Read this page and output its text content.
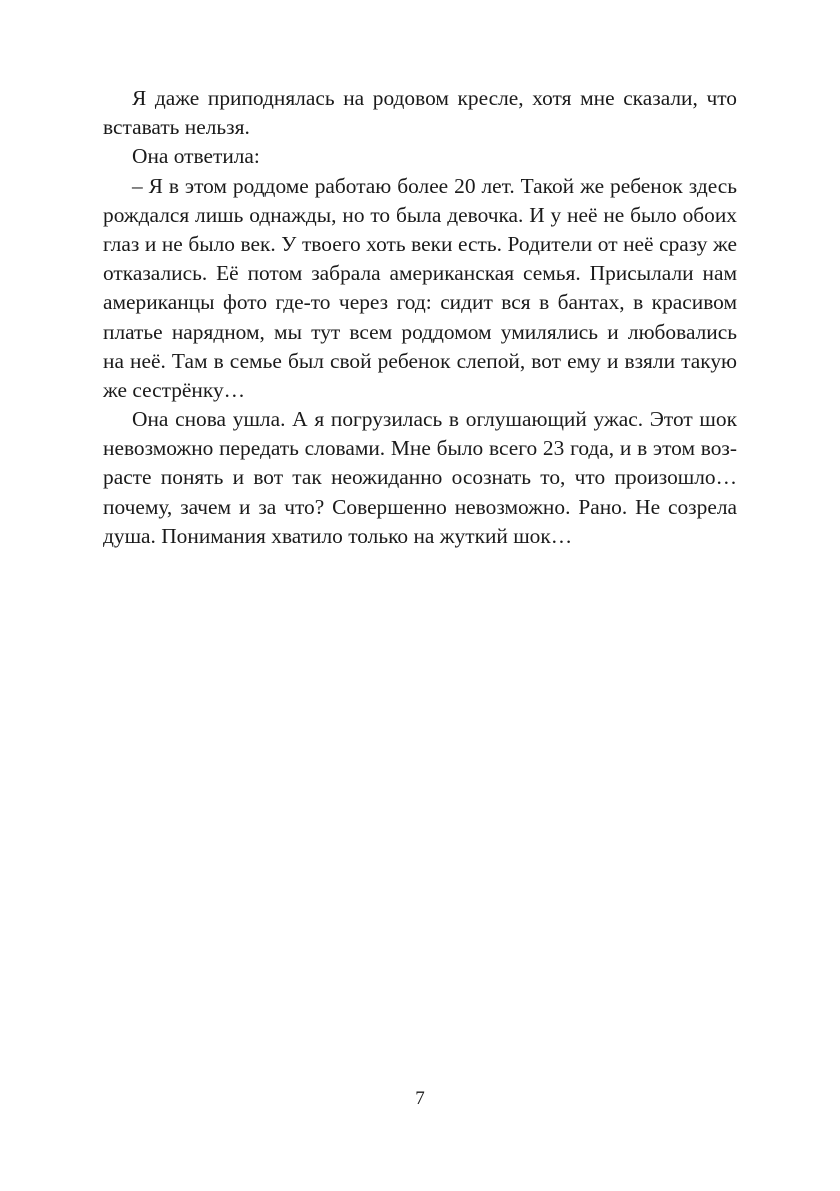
Я даже приподнялась на родовом кресле, хотя мне сказали, что
вставать нельзя.
Она ответила:
– Я в этом роддоме работаю более 20 лет. Такой же ребенок здесь
рождался лишь однажды, но то была девочка. И у неё не было обоих
глаз и не было век. У твоего хоть веки есть. Родители от неё сразу же
отказались. Её потом забрала американская семья. Присылали нам
американцы фото где-то через год: сидит вся в бантах, в красивом
платье нарядном, мы тут всем роддомом умилялись и любовались
на неё. Там в семье был свой ребенок слепой, вот ему и взяли такую
же сестрёнку…
Она снова ушла. А я погрузилась в оглушающий ужас. Этот шок
невозможно передать словами. Мне было всего 23 года, и в этом воз-
расте понять и вот так неожиданно осознать то, что произошло…
почему, зачем и за что? Совершенно невозможно. Рано. Не созрела
душа. Понимания хватило только на жуткий шок…
7
